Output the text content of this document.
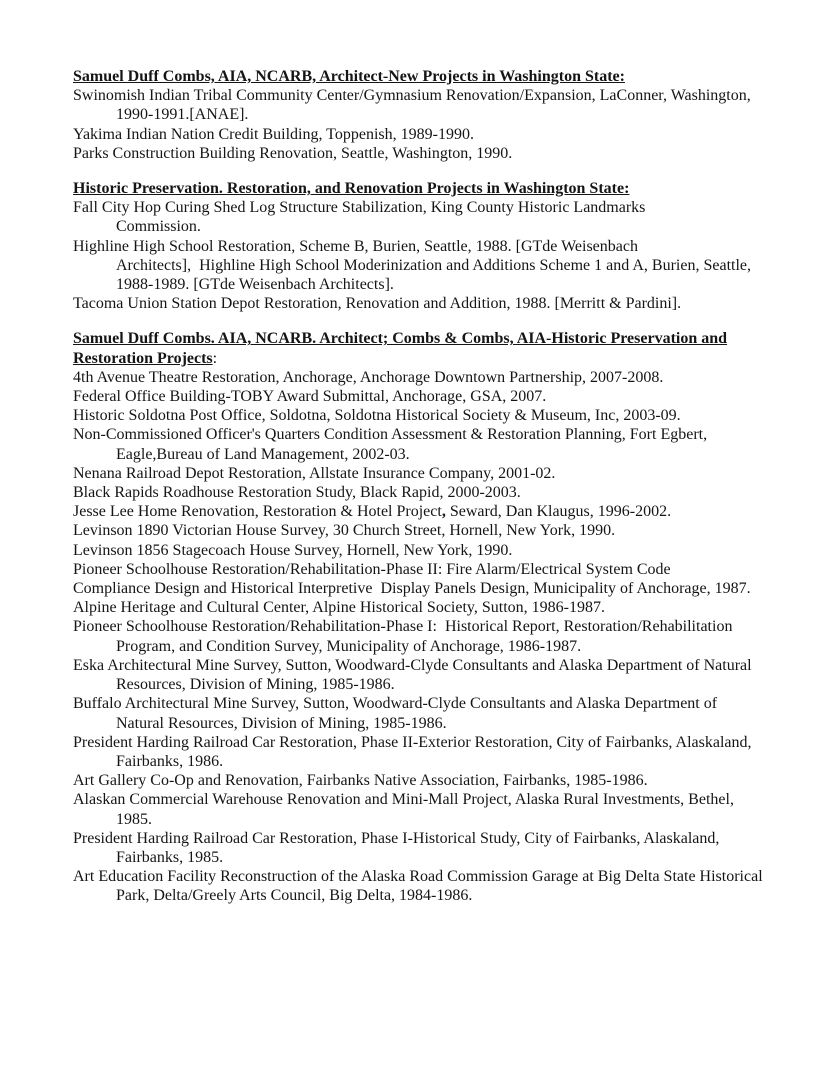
Samuel Duff Combs, AIA, NCARB, Architect-New Projects in Washington State:
Swinomish Indian Tribal Community Center/Gymnasium Renovation/Expansion, LaConner, Washington,
1990-1991.[ANAE].
Yakima Indian Nation Credit Building, Toppenish, 1989-1990.
Parks Construction Building Renovation, Seattle, Washington, 1990.
Historic Preservation. Restoration, and Renovation Projects in Washington State:
Fall City Hop Curing Shed Log Structure Stabilization, King County Historic Landmarks
Commission.
Highline High School Restoration, Scheme B, Burien, Seattle, 1988. [GTde Weisenbach
Architects],  Highline High School Moderinization and Additions Scheme 1 and A, Burien, Seattle,
1988-1989. [GTde Weisenbach Architects].
Tacoma Union Station Depot Restoration, Renovation and Addition, 1988. [Merritt & Pardini].
Samuel Duff Combs. AIA, NCARB. Architect; Combs & Combs, AIA-Historic Preservation and
Restoration Projects:
4th Avenue Theatre Restoration, Anchorage, Anchorage Downtown Partnership, 2007-2008.
Federal Office Building-TOBY Award Submittal, Anchorage, GSA, 2007.
Historic Soldotna Post Office, Soldotna, Soldotna Historical Society & Museum, Inc, 2003-09.
Non-Commissioned Officer's Quarters Condition Assessment & Restoration Planning, Fort Egbert,
Eagle,Bureau of Land Management, 2002-03.
Nenana Railroad Depot Restoration, Allstate Insurance Company, 2001-02.
Black Rapids Roadhouse Restoration Study, Black Rapid, 2000-2003.
Jesse Lee Home Renovation, Restoration & Hotel Project, Seward, Dan Klaugus, 1996-2002.
Levinson 1890 Victorian House Survey, 30 Church Street, Hornell, New York, 1990.
Levinson 1856 Stagecoach House Survey, Hornell, New York, 1990.
Pioneer Schoolhouse Restoration/Rehabilitation-Phase II: Fire Alarm/Electrical System Code
Compliance Design and Historical Interpretive  Display Panels Design, Municipality of Anchorage, 1987.
Alpine Heritage and Cultural Center, Alpine Historical Society, Sutton, 1986-1987.
Pioneer Schoolhouse Restoration/Rehabilitation-Phase I:  Historical Report, Restoration/Rehabilitation
Program, and Condition Survey, Municipality of Anchorage, 1986-1987.
Eska Architectural Mine Survey, Sutton, Woodward-Clyde Consultants and Alaska Department of Natural
Resources, Division of Mining, 1985-1986.
Buffalo Architectural Mine Survey, Sutton, Woodward-Clyde Consultants and Alaska Department of
Natural Resources, Division of Mining, 1985-1986.
President Harding Railroad Car Restoration, Phase II-Exterior Restoration, City of Fairbanks, Alaskaland,
Fairbanks, 1986.
Art Gallery Co-Op and Renovation, Fairbanks Native Association, Fairbanks, 1985-1986.
Alaskan Commercial Warehouse Renovation and Mini-Mall Project, Alaska Rural Investments, Bethel,
1985.
President Harding Railroad Car Restoration, Phase I-Historical Study, City of Fairbanks, Alaskaland,
Fairbanks, 1985.
Art Education Facility Reconstruction of the Alaska Road Commission Garage at Big Delta State Historical
Park, Delta/Greely Arts Council, Big Delta, 1984-1986.
